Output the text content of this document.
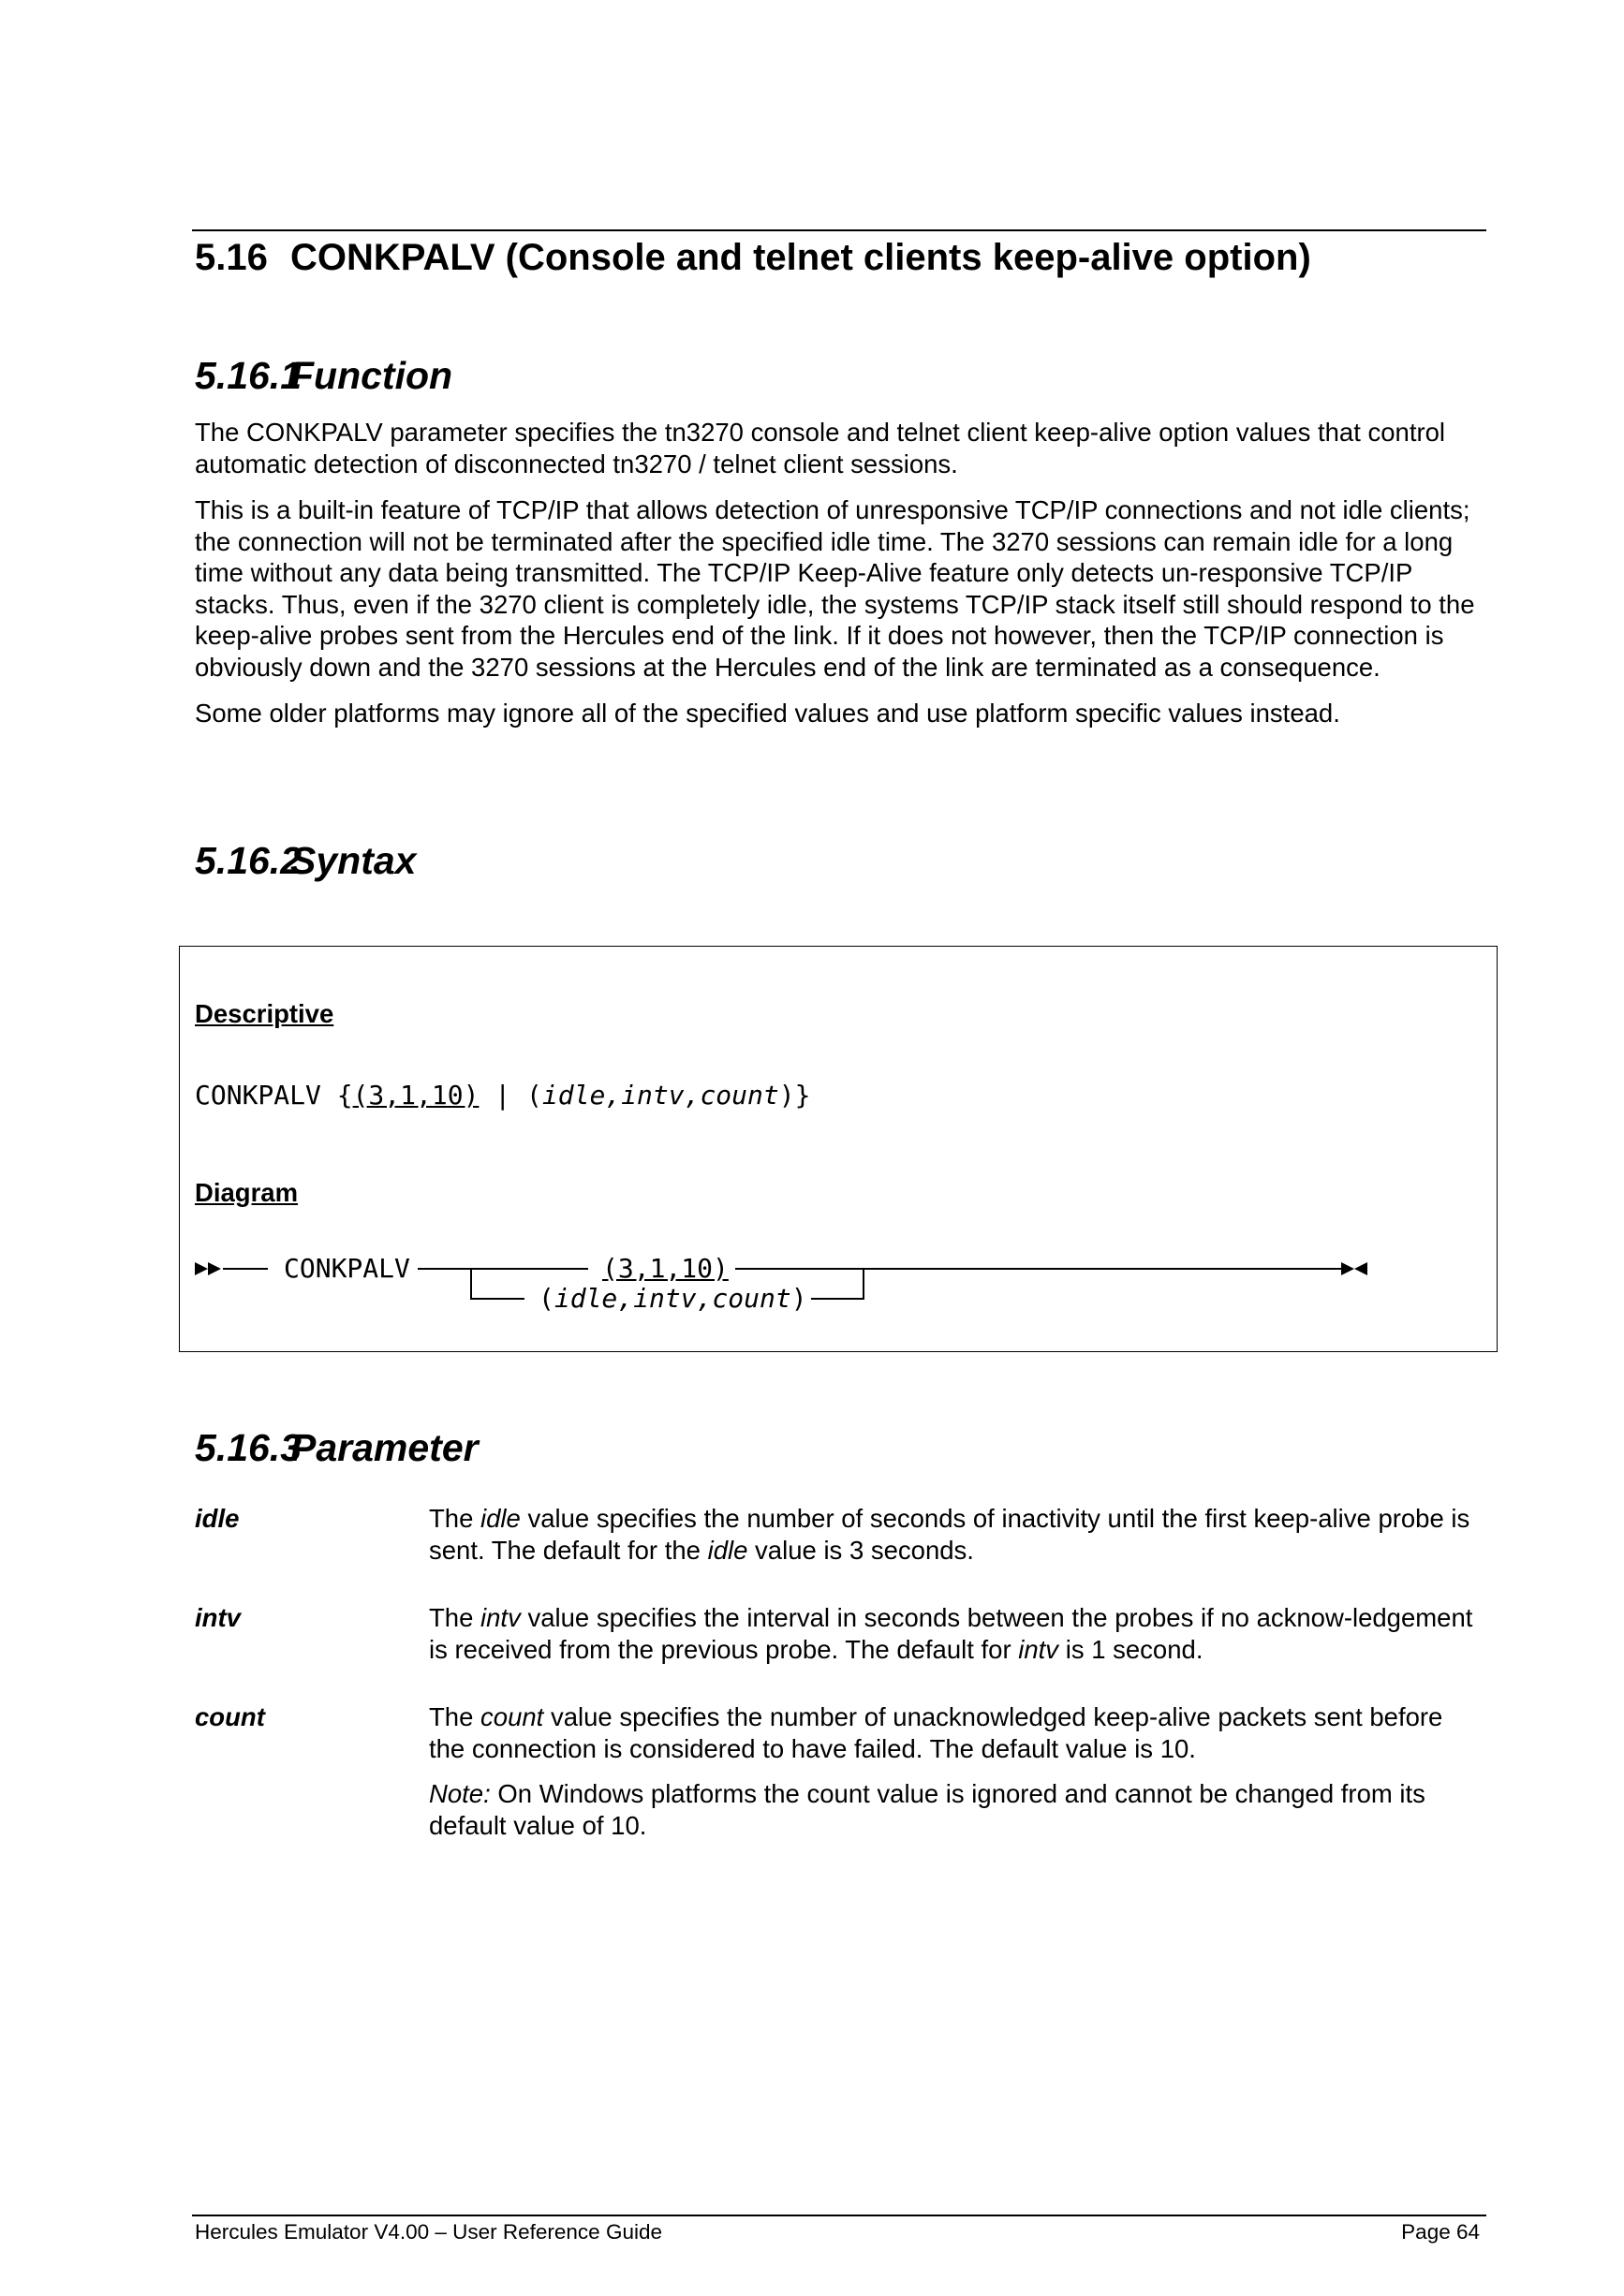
5.16 CONKPALV (Console and telnet clients keep-alive option)
5.16.1Function

The CONKPALV parameter specifies the tn3270 console and telnet client keep-alive option values that control automatic detection of disconnected tn3270 / telnet client sessions.

This is a built-in feature of TCP/IP that allows detection of unresponsive TCP/IP connections and not idle clients; the connection will not be terminated after the specified idle time. The 3270 sessions can remain idle for a long time without any data being transmitted. The TCP/IP Keep-Alive feature only detects un-responsive TCP/IP stacks. Thus, even if the 3270 client is completely idle, the systems TCP/IP stack itself still should respond to the keep-alive probes sent from the Hercules end of the link. If it does not however, then the TCP/IP connection is obviously down and the 3270 sessions at the Hercules end of the link are terminated as a consequence.

Some older platforms may ignore all of the specified values and use platform specific values instead.

5.16.2Syntax
Descriptive
CONKPALV {(3,1,10) | (idle,intv,count)}
Diagram
CONKPALV	(3,1,10)
(idle,intv,count)
5.16.3Parameter
idle	The idle value specifies the number of seconds of inactivity until the first keep-alive probe is sent. The default for the idle value is 3 seconds.

intv	The intv value specifies the interval in seconds between the probes if no acknow-ledgement is received from the previous probe. The default for intv is 1 second.

count	The count value specifies the number of unacknowledged keep-alive packets sent before the connection is considered to have failed. The default value is 10.

Note: On Windows platforms the count value is ignored and cannot be changed from its default value of 10.

Hercules Emulator V4.00 – User Reference Guide	Page 64
